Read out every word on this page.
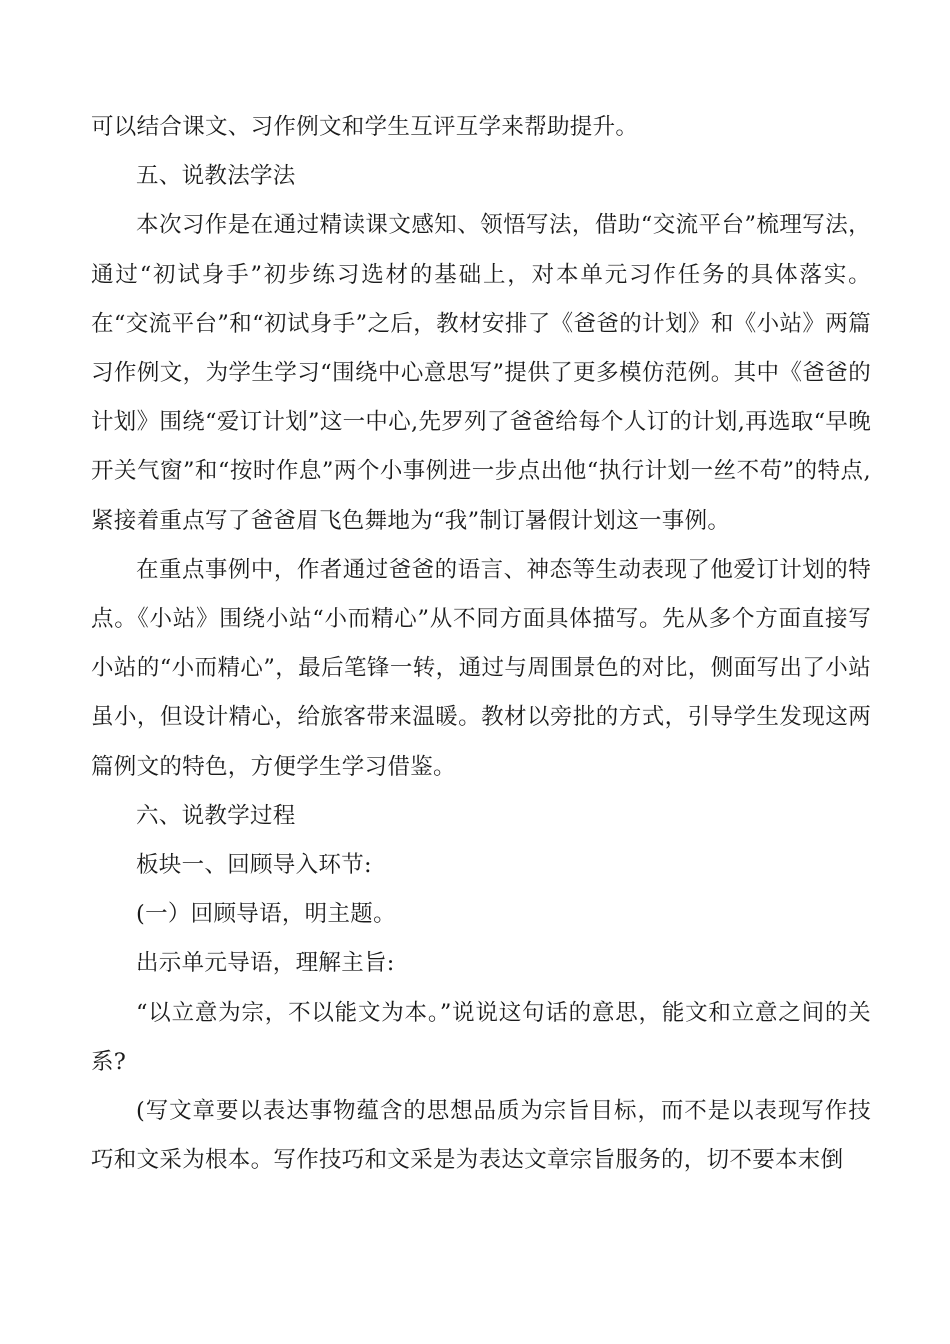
可以结合课文、习作例文和学生互评互学来帮助提升。

五、说教法学法

本次习作是在通过精读课文感知、领悟写法，借助“交流平台”梳理写法，通过“初试身手”初步练习选材的基础上，对本单元习作任务的具体落实。在“交流平台”和“初试身手”之后，教材安排了《爸爸的计划》和《小站》两篇习作例文，为学生学习“围绕中心意思写”提供了更多模仿范例。其中《爸爸的计划》围绕“爱订计划”这一中心,先罗列了爸爸给每个人订的计划,再选取“早晚开关气窗”和“按时作息”两个小事例进一步点出他“执行计划一丝不苟”的特点,紧接着重点写了爸爸眉飞色舞地为“我”制订暑假计划这一事例。

在重点事例中，作者通过爸爸的语言、神态等生动表现了他爱订计划的特点。《小站》围绕小站“小而精心”从不同方面具体描写。先从多个方面直接写小站的“小而精心”，最后笔锋一转，通过与周围景色的对比，侧面写出了小站虽小，但设计精心，给旅客带来温暖。教材以旁批的方式，引导学生发现这两篇例文的特色，方便学生学习借鉴。

六、说教学过程

板块一、回顾导入环节:

(一）回顾导语，明主题。

出示单元导语，理解主旨:

“以立意为宗，不以能文为本。”说说这句话的意思，能文和立意之间的关系?

(写文章要以表达事物蕴含的思想品质为宗旨目标，而不是以表现写作技巧和文采为根本。写作技巧和文采是为表达文章宗旨服务的，切不要本末倒
